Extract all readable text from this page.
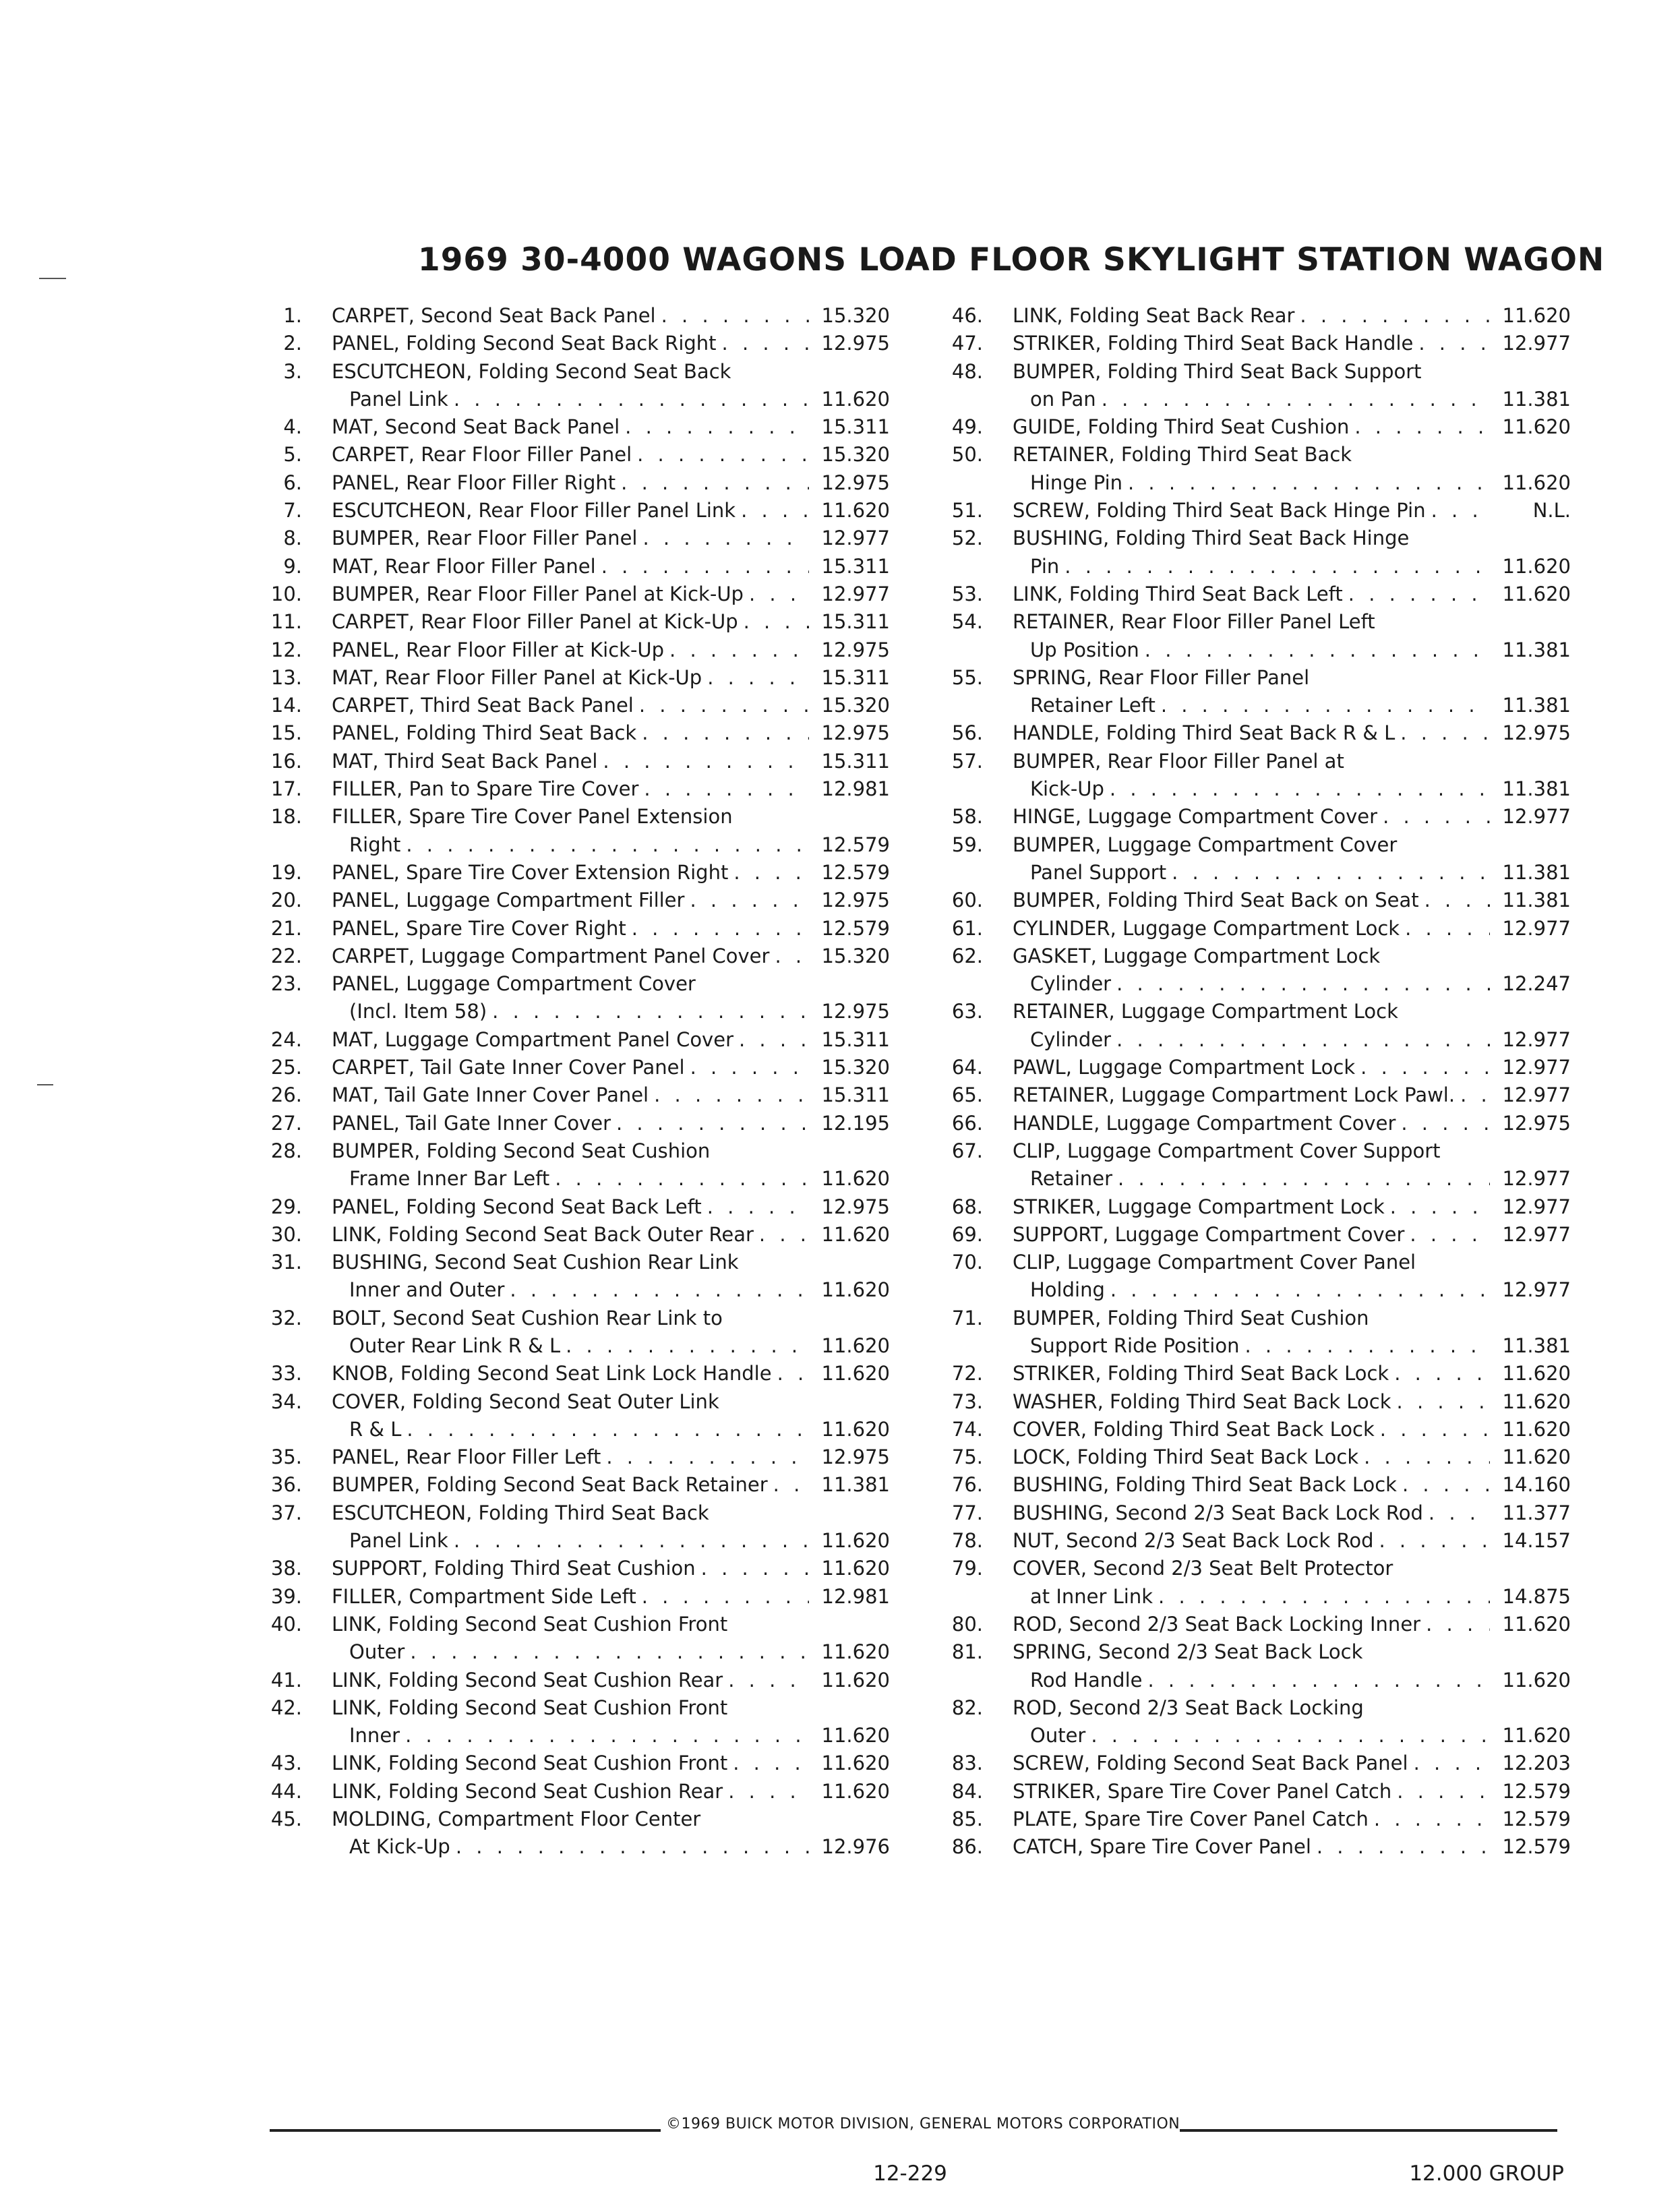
1969 30-4000 WAGONS LOAD FLOOR SKYLIGHT STATION WAGON
1.	CARPET, Second Seat Back Panel . . .	15.320
2.	PANEL, Folding Second Seat Back Right . . .	12.975
3.	ESCUTCHEON, Folding Second Seat Back
Panel Link . . .	11.620
4.	MAT, Second Seat Back Panel . . .	15.311
5.	CARPET, Rear Floor Filler Panel . . .	15.320
6.	PANEL, Rear Floor Filler Right . . .	12.975
7.	ESCUTCHEON, Rear Floor Filler Panel Link . . .	11.620
8.	BUMPER, Rear Floor Filler Panel . . .	12.977
9.	MAT, Rear Floor Filler Panel . . .	15.311
10.	BUMPER, Rear Floor Filler Panel at Kick-Up . . .	12.977
11.	CARPET, Rear Floor Filler Panel at Kick-Up . . .	15.311
12.	PANEL, Rear Floor Filler at Kick-Up . . .	12.975
13.	MAT, Rear Floor Filler Panel at Kick-Up . . .	15.311
14.	CARPET, Third Seat Back Panel . . .	15.320
15.	PANEL, Folding Third Seat Back . . .	12.975
16.	MAT, Third Seat Back Panel . . .	15.311
17.	FILLER, Pan to Spare Tire Cover . . .	12.981
18.	FILLER, Spare Tire Cover Panel Extension
Right . . .	12.579
19.	PANEL, Spare Tire Cover Extension Right . . .	12.579
20.	PANEL, Luggage Compartment Filler . . .	12.975
21.	PANEL, Spare Tire Cover Right . . .	12.579
22.	CARPET, Luggage Compartment Panel Cover . . .	15.320
23.	PANEL, Luggage Compartment Cover
(Incl. Item 58) . . .	12.975
24.	MAT, Luggage Compartment Panel Cover . . .	15.311
25.	CARPET, Tail Gate Inner Cover Panel . . .	15.320
26.	MAT, Tail Gate Inner Cover Panel . . .	15.311
27.	PANEL, Tail Gate Inner Cover . . .	12.195
28.	BUMPER, Folding Second Seat Cushion
Frame Inner Bar Left . . .	11.620
29.	PANEL, Folding Second Seat Back Left . . .	12.975
30.	LINK, Folding Second Seat Back Outer Rear . . .	11.620
31.	BUSHING, Second Seat Cushion Rear Link
Inner and Outer . . .	11.620
32.	BOLT, Second Seat Cushion Rear Link to
Outer Rear Link R & L . . .	11.620
33.	KNOB, Folding Second Seat Link Lock Handle . . .	11.620
34.	COVER, Folding Second Seat Outer Link
R & L . . .	11.620
35.	PANEL, Rear Floor Filler Left . . .	12.975
36.	BUMPER, Folding Second Seat Back Retainer . . .	11.381
37.	ESCUTCHEON, Folding Third Seat Back
Panel Link . . .	11.620
38.	SUPPORT, Folding Third Seat Cushion . . .	11.620
39.	FILLER, Compartment Side Left . . .	12.981
40.	LINK, Folding Second Seat Cushion Front
Outer . . .	11.620
41.	LINK, Folding Second Seat Cushion Rear . . .	11.620
42.	LINK, Folding Second Seat Cushion Front
Inner . . .	11.620
43.	LINK, Folding Second Seat Cushion Front . . .	11.620
44.	LINK, Folding Second Seat Cushion Rear . . .	11.620
45.	MOLDING, Compartment Floor Center
At Kick-Up . . .	12.976
46.	LINK, Folding Seat Back Rear . . .	11.620
47.	STRIKER, Folding Third Seat Back Handle . . .	12.977
48.	BUMPER, Folding Third Seat Back Support
on Pan . . .	11.381
49.	GUIDE, Folding Third Seat Cushion . . .	11.620
50.	RETAINER, Folding Third Seat Back
Hinge Pin . . .	11.620
51.	SCREW, Folding Third Seat Back Hinge Pin . . .	N.L.
52.	BUSHING, Folding Third Seat Back Hinge
Pin . . .	11.620
53.	LINK, Folding Third Seat Back Left . . .	11.620
54.	RETAINER, Rear Floor Filler Panel Left
Up Position . . .	11.381
55.	SPRING, Rear Floor Filler Panel
Retainer Left . . .	11.381
56.	HANDLE, Folding Third Seat Back R & L . . .	12.975
57.	BUMPER, Rear Floor Filler Panel at
Kick-Up . . .	11.381
58.	HINGE, Luggage Compartment Cover . . .	12.977
59.	BUMPER, Luggage Compartment Cover
Panel Support . . .	11.381
60.	BUMPER, Folding Third Seat Back on Seat . . .	11.381
61.	CYLINDER, Luggage Compartment Lock . . .	12.977
62.	GASKET, Luggage Compartment Lock
Cylinder . . .	12.247
63.	RETAINER, Luggage Compartment Lock
Cylinder . . .	12.977
64.	PAWL, Luggage Compartment Lock . . .	12.977
65.	RETAINER, Luggage Compartment Lock Pawl. . . .	12.977
66.	HANDLE, Luggage Compartment Cover . . .	12.975
67.	CLIP, Luggage Compartment Cover Support
Retainer . . .	12.977
68.	STRIKER, Luggage Compartment Lock . . .	12.977
69.	SUPPORT, Luggage Compartment Cover . . .	12.977
70.	CLIP, Luggage Compartment Cover Panel
Holding . . .	12.977
71.	BUMPER, Folding Third Seat Cushion
Support Ride Position . . .	11.381
72.	STRIKER, Folding Third Seat Back Lock . . .	11.620
73.	WASHER, Folding Third Seat Back Lock . . .	11.620
74.	COVER, Folding Third Seat Back Lock . . .	11.620
75.	LOCK, Folding Third Seat Back Lock . . .	11.620
76.	BUSHING, Folding Third Seat Back Lock . . .	14.160
77.	BUSHING, Second 2/3 Seat Back Lock Rod . . .	11.377
78.	NUT, Second 2/3 Seat Back Lock Rod . . .	14.157
79.	COVER, Second 2/3 Seat Belt Protector
at Inner Link . . .	14.875
80.	ROD, Second 2/3 Seat Back Locking Inner . . .	11.620
81.	SPRING, Second 2/3 Seat Back Lock
Rod Handle . . .	11.620
82.	ROD, Second 2/3 Seat Back Locking
Outer . . .	11.620
83.	SCREW, Folding Second Seat Back Panel . . .	12.203
84.	STRIKER, Spare Tire Cover Panel Catch . . .	12.579
85.	PLATE, Spare Tire Cover Panel Catch . . .	12.579
86.	CATCH, Spare Tire Cover Panel . . .	12.579
©1969 BUICK MOTOR DIVISION, GENERAL MOTORS CORPORATION
12-229	12.000 GROUP
